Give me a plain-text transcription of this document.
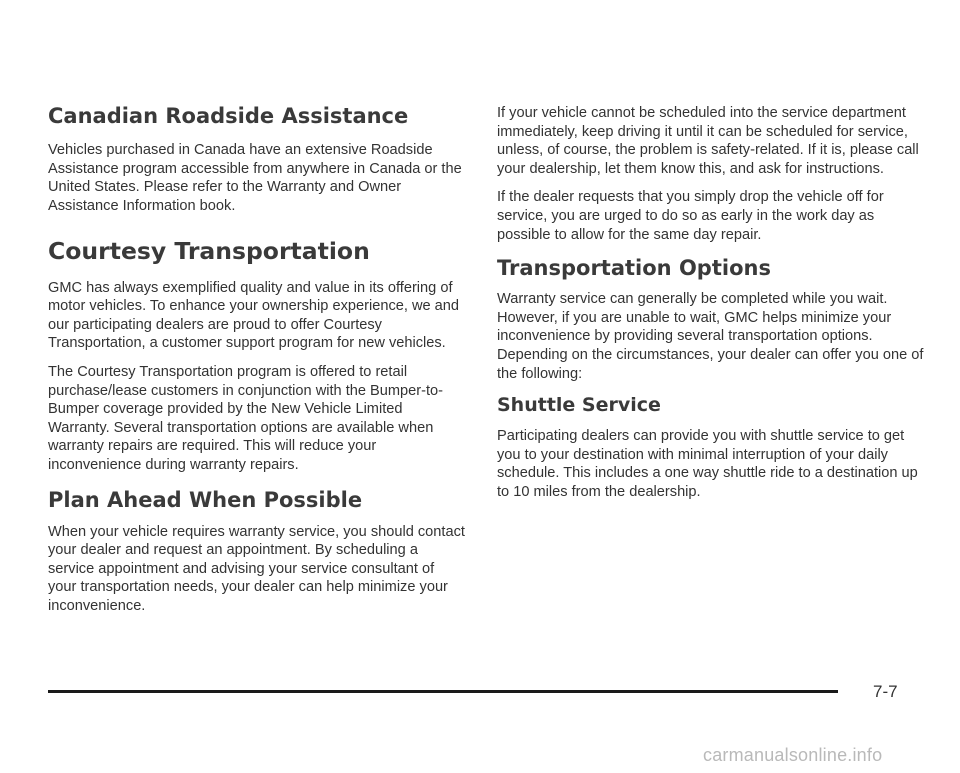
Canadian Roadside Assistance

Vehicles purchased in Canada have an extensive Roadside Assistance program accessible from anywhere in Canada or the United States. Please refer to the Warranty and Owner Assistance Information book.

Courtesy Transportation

GMC has always exemplified quality and value in its offering of motor vehicles. To enhance your ownership experience, we and our participating dealers are proud to offer Courtesy Transportation, a customer support program for new vehicles.

The Courtesy Transportation program is offered to retail purchase/lease customers in conjunction with the Bumper-to-Bumper coverage provided by the New Vehicle Limited Warranty. Several transportation options are available when warranty repairs are required. This will reduce your inconvenience during warranty repairs.

Plan Ahead When Possible

When your vehicle requires warranty service, you should contact your dealer and request an appointment. By scheduling a service appointment and advising your service consultant of your transportation needs, your dealer can help minimize your inconvenience.

If your vehicle cannot be scheduled into the service department immediately, keep driving it until it can be scheduled for service, unless, of course, the problem is safety-related. If it is, please call your dealership, let them know this, and ask for instructions.

If the dealer requests that you simply drop the vehicle off for service, you are urged to do so as early in the work day as possible to allow for the same day repair.

Transportation Options

Warranty service can generally be completed while you wait. However, if you are unable to wait, GMC helps minimize your inconvenience by providing several transportation options. Depending on the circumstances, your dealer can offer you one of the following:

Shuttle Service

Participating dealers can provide you with shuttle service to get you to your destination with minimal interruption of your daily schedule. This includes a one way shuttle ride to a destination up to 10 miles from the dealership.

7-7
carmanualsonline.info
